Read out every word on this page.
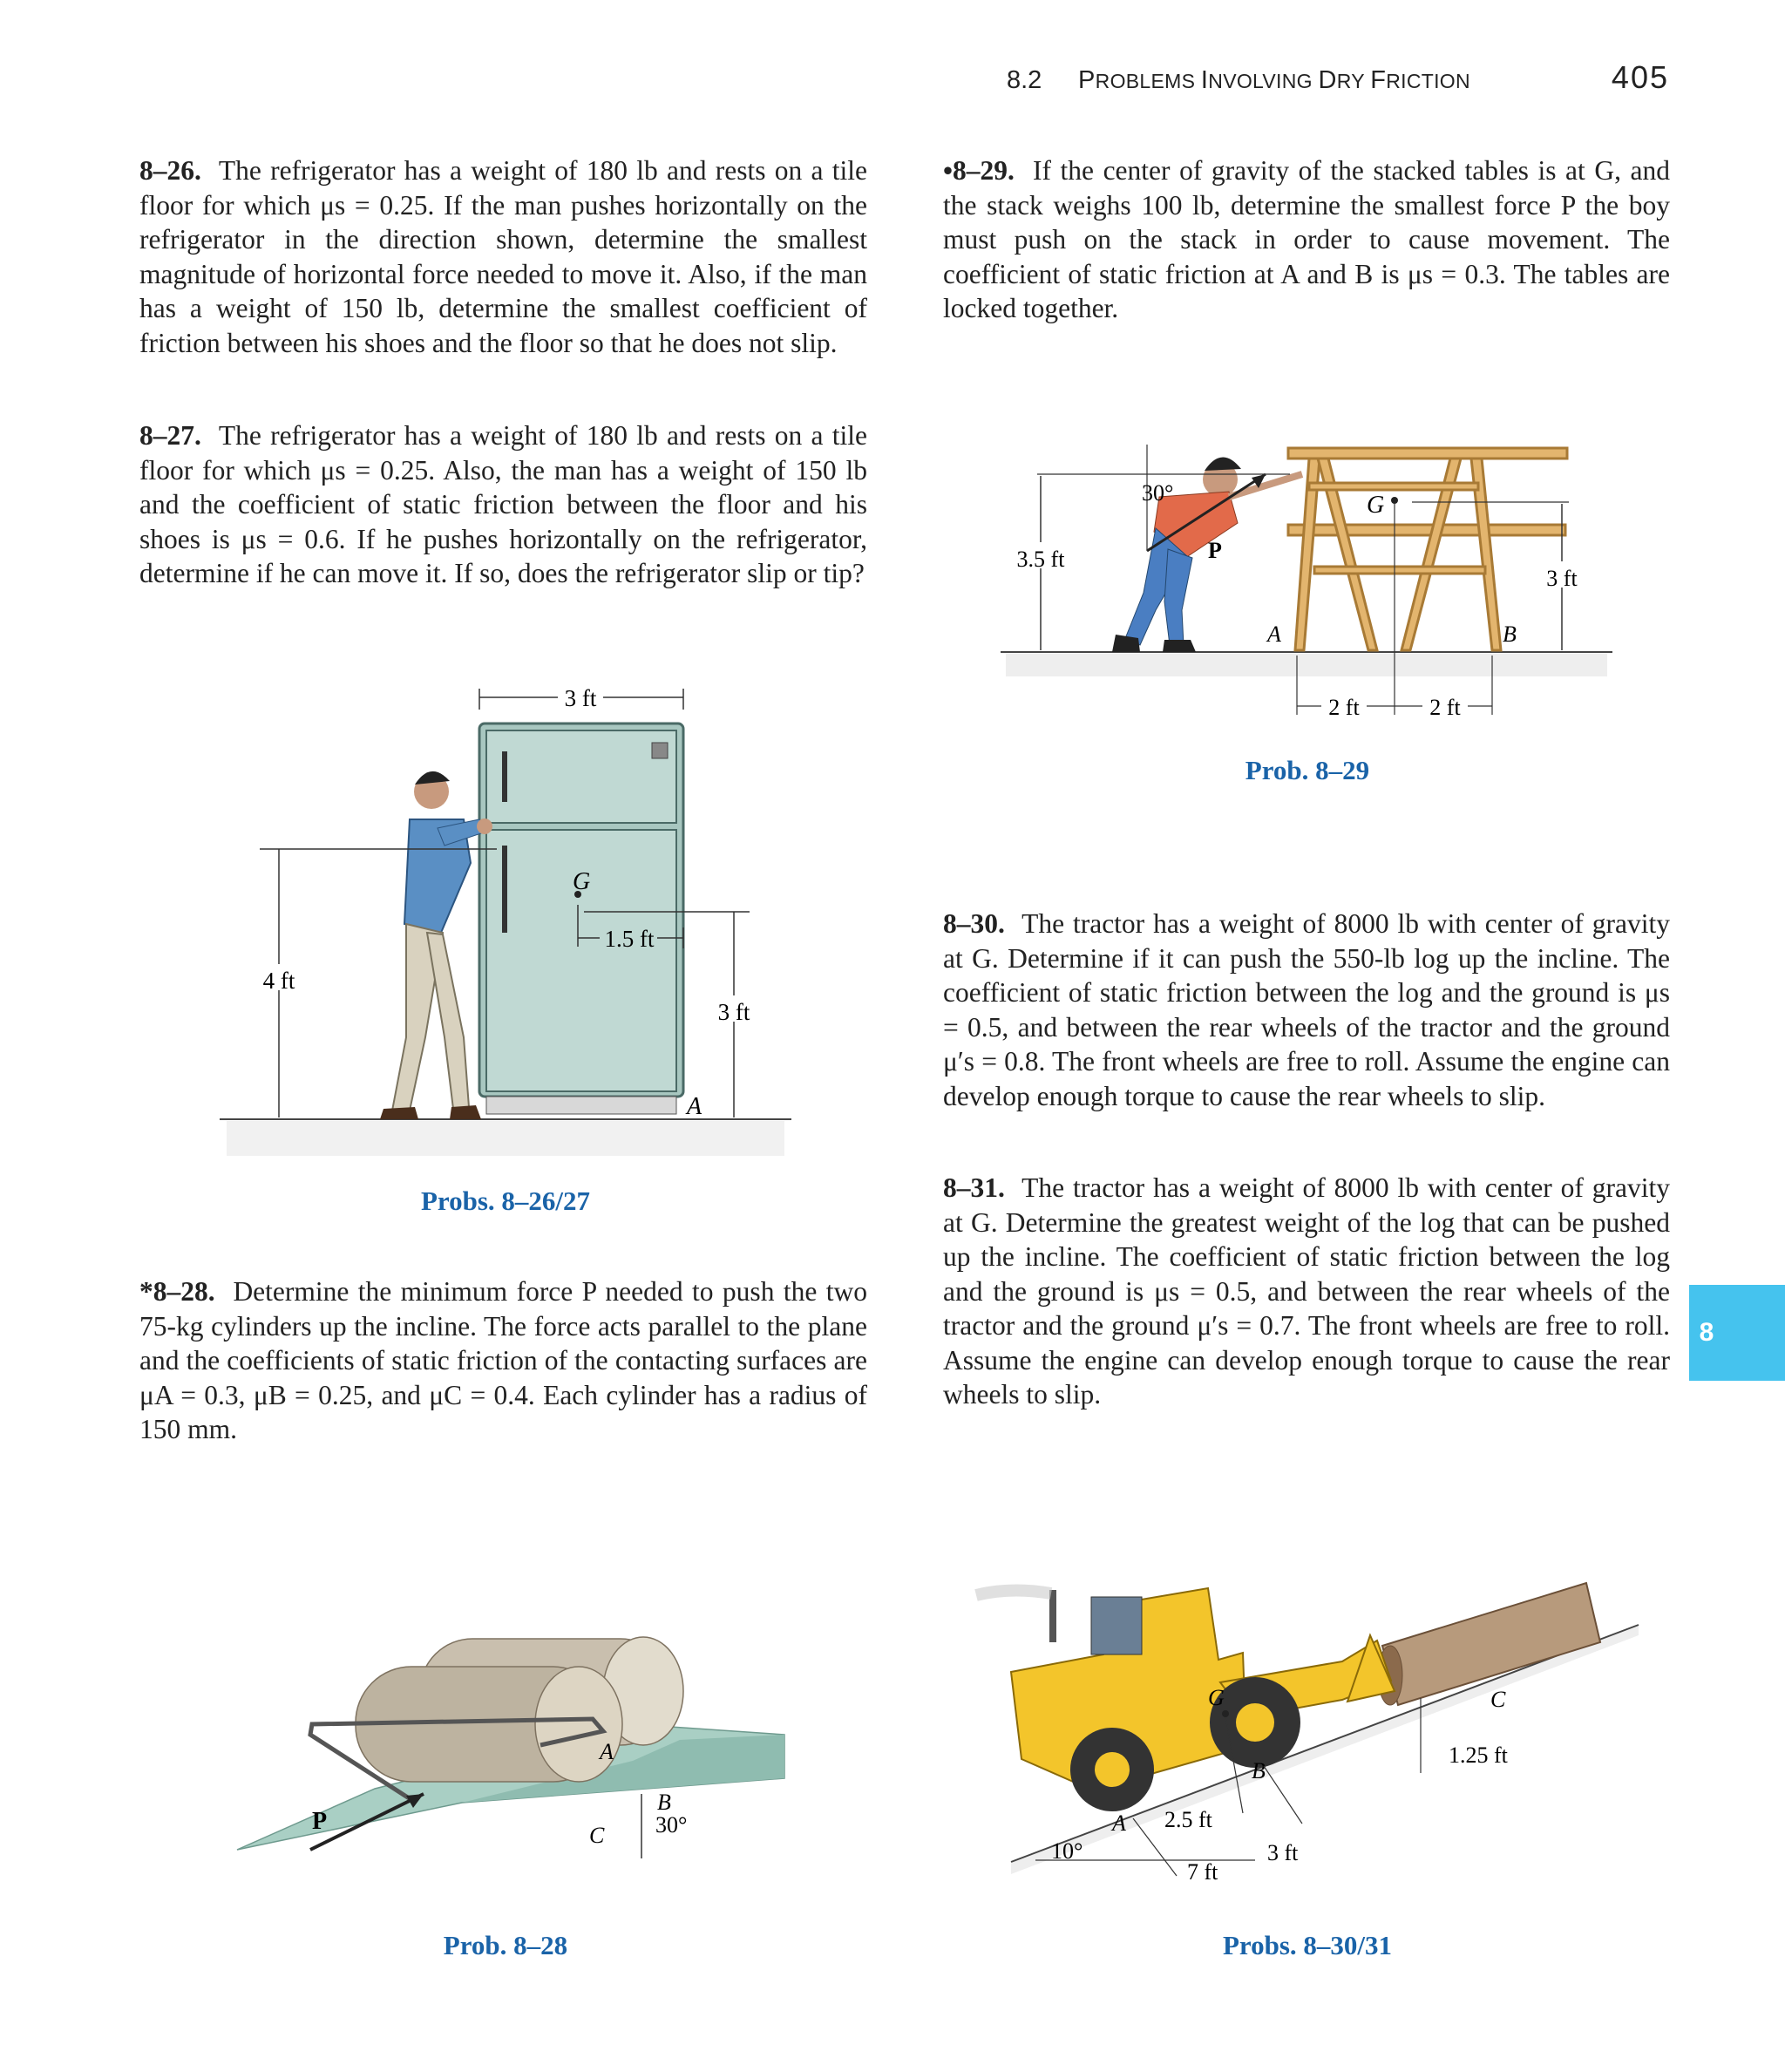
8.2 PROBLEMS INVOLVING DRY FRICTION	405
8–26. The refrigerator has a weight of 180 lb and rests on a tile floor for which μs = 0.25. If the man pushes horizontally on the refrigerator in the direction shown, determine the smallest magnitude of horizontal force needed to move it. Also, if the man has a weight of 150 lb, determine the smallest coefficient of friction between his shoes and the floor so that he does not slip.
8–27. The refrigerator has a weight of 180 lb and rests on a tile floor for which μs = 0.25. Also, the man has a weight of 150 lb and the coefficient of static friction between the floor and his shoes is μs = 0.6. If he pushes horizontally on the refrigerator, determine if he can move it. If so, does the refrigerator slip or tip?
*8–28. Determine the minimum force P needed to push the two 75-kg cylinders up the incline. The force acts parallel to the plane and the coefficients of static friction of the contacting surfaces are μA = 0.3, μB = 0.25, and μC = 0.4. Each cylinder has a radius of 150 mm.
•8–29. If the center of gravity of the stacked tables is at G, and the stack weighs 100 lb, determine the smallest force P the boy must push on the stack in order to cause movement. The coefficient of static friction at A and B is μs = 0.3. The tables are locked together.
8–30. The tractor has a weight of 8000 lb with center of gravity at G. Determine if it can push the 550-lb log up the incline. The coefficient of static friction between the log and the ground is μs = 0.5, and between the rear wheels of the tractor and the ground μ′s = 0.8. The front wheels are free to roll. Assume the engine can develop enough torque to cause the rear wheels to slip.
8–31. The tractor has a weight of 8000 lb with center of gravity at G. Determine the greatest weight of the log that can be pushed up the incline. The coefficient of static friction between the log and the ground is μs = 0.5, and between the rear wheels of the tractor and the ground μ′s = 0.7. The front wheels are free to roll. Assume the engine can develop enough torque to cause the rear wheels to slip.
8
3 ft
G
1.5 ft
4 ft
3 ft
A
Probs. 8–26/27
30°
P
G
3.5 ft
3 ft
A	B
2 ft	2 ft
Prob. 8–29
P
A
B
C 30°
Prob. 8–28
10°
C
1.25 ft
G
A
B
2.5 ft
7 ft
3 ft
Probs. 8–30/31
